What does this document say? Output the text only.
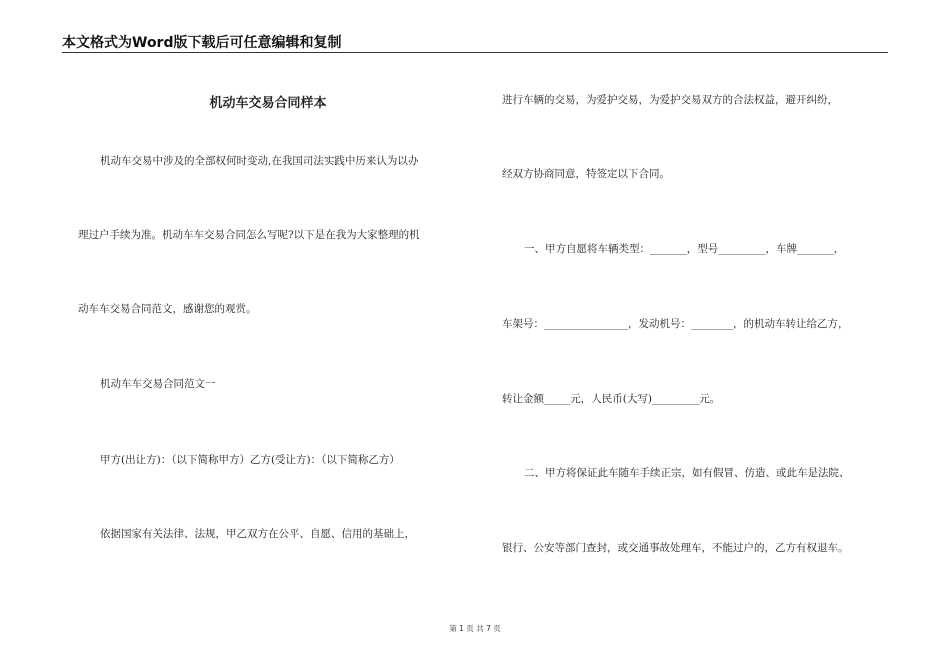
本文格式为Word版下载后可任意编辑和复制
机动车交易合同样本
机动车交易中涉及的全部权何时变动,在我国司法实践中历来认为以办
理过户手续为准。机动车车交易合同怎么写呢?以下是在我为大家整理的机
动车车交易合同范文，感谢您的观赏。
机动车车交易合同范文一
甲方(出让方)：（以下简称甲方）乙方(受让方)：（以下简称乙方）
依据国家有关法律、法规，甲乙双方在公平、自愿、信用的基础上，
进行车辆的交易，为爱护交易，为爱护交易双方的合法权益，避开纠纷，
经双方协商同意，特签定以下合同。
一、甲方自愿将车辆类型：_______，型号_________，车牌_______，
车架号：________________，发动机号：________，的机动车转让给乙方，
转让金额_____元，人民币(大写)_________元。
二、甲方将保证此车随车手续正宗，如有假冒、仿造、或此车是法院、
银行、公安等部门查封，或交通事故处理车，不能过户的，乙方有权退车。
第 1 页 共 7 页
